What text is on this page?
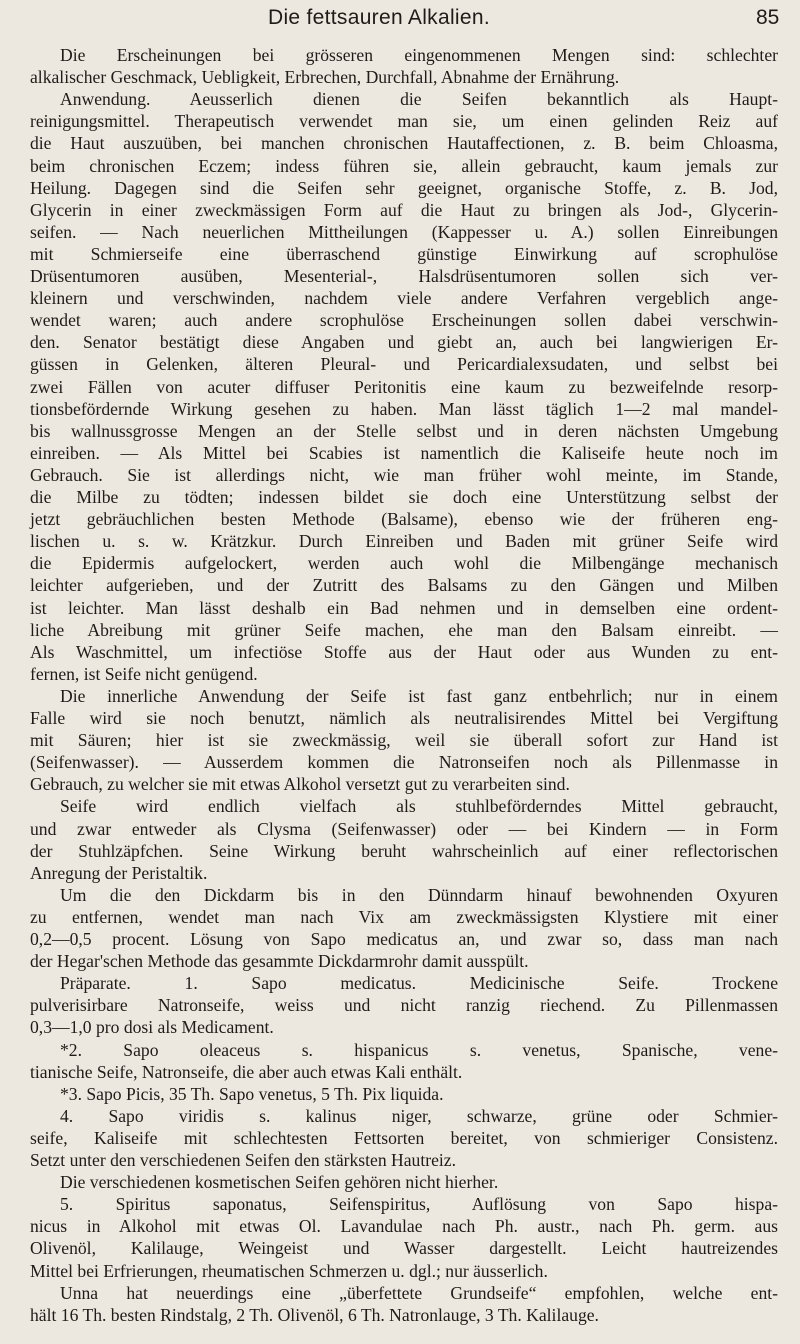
Die fettsauren Alkalien.	85
Die Erscheinungen bei grösseren eingenommenen Mengen sind: schlechter
alkalischer Geschmack, Uebligkeit, Erbrechen, Durchfall, Abnahme der Ernährung.
Anwendung. Aeusserlich dienen die Seifen bekanntlich als Haupt-
reinigungsmittel. Therapeutisch verwendet man sie, um einen gelinden Reiz auf
die Haut auszuüben, bei manchen chronischen Hautaffectionen, z. B. beim Chloasma,
beim chronischen Eczem; indess führen sie, allein gebraucht, kaum jemals zur
Heilung. Dagegen sind die Seifen sehr geeignet, organische Stoffe, z. B. Jod,
Glycerin in einer zweckmässigen Form auf die Haut zu bringen als Jod-, Glycerin-
seifen. — Nach neuerlichen Mittheilungen (Kappesser u. A.) sollen Einreibungen
mit Schmierseife eine überraschend günstige Einwirkung auf scrophulöse
Drüsentumoren ausüben, Mesenterial-, Halsdrüsentumoren sollen sich ver-
kleinern und verschwinden, nachdem viele andere Verfahren vergeblich ange-
wendet waren; auch andere scrophulöse Erscheinungen sollen dabei verschwin-
den. Senator bestätigt diese Angaben und giebt an, auch bei langwierigen Er-
güssen in Gelenken, älteren Pleural- und Pericardialexsudaten, und selbst bei
zwei Fällen von acuter diffuser Peritonitis eine kaum zu bezweifelnde resorp-
tionsbefördernde Wirkung gesehen zu haben. Man lässt täglich 1—2 mal mandel-
bis wallnussgrosse Mengen an der Stelle selbst und in deren nächsten Umgebung
einreiben. — Als Mittel bei Scabies ist namentlich die Kaliseife heute noch im
Gebrauch. Sie ist allerdings nicht, wie man früher wohl meinte, im Stande,
die Milbe zu tödten; indessen bildet sie doch eine Unterstützung selbst der
jetzt gebräuchlichen besten Methode (Balsame), ebenso wie der früheren eng-
lischen u. s. w. Krätzkur. Durch Einreiben und Baden mit grüner Seife wird
die Epidermis aufgelockert, werden auch wohl die Milbengänge mechanisch
leichter aufgerieben, und der Zutritt des Balsams zu den Gängen und Milben
ist leichter. Man lässt deshalb ein Bad nehmen und in demselben eine ordent-
liche Abreibung mit grüner Seife machen, ehe man den Balsam einreibt. —
Als Waschmittel, um infectiöse Stoffe aus der Haut oder aus Wunden zu ent-
fernen, ist Seife nicht genügend.
Die innerliche Anwendung der Seife ist fast ganz entbehrlich; nur in einem
Falle wird sie noch benutzt, nämlich als neutralisirendes Mittel bei Vergiftung
mit Säuren; hier ist sie zweckmässig, weil sie überall sofort zur Hand ist
(Seifenwasser). — Ausserdem kommen die Natronseifen noch als Pillenmasse in
Gebrauch, zu welcher sie mit etwas Alkohol versetzt gut zu verarbeiten sind.
Seife wird endlich vielfach als stuhlbeförderndes Mittel gebraucht,
und zwar entweder als Clysma (Seifenwasser) oder — bei Kindern — in Form
der Stuhlzäpfchen. Seine Wirkung beruht wahrscheinlich auf einer reflectorischen
Anregung der Peristaltik.
Um die den Dickdarm bis in den Dünndarm hinauf bewohnenden Oxyuren
zu entfernen, wendet man nach Vix am zweckmässigsten Klystiere mit einer
0,2—0,5 procent. Lösung von Sapo medicatus an, und zwar so, dass man nach
der Hegar'schen Methode das gesammte Dickdarmrohr damit ausspült.
Präparate. 1. Sapo medicatus. Medicinische Seife. Trockene
pulverisirbare Natronseife, weiss und nicht ranzig riechend. Zu Pillenmassen
0,3—1,0 pro dosi als Medicament.
*2. Sapo oleaceus s. hispanicus s. venetus, Spanische, vene-
tianische Seife, Natronseife, die aber auch etwas Kali enthält.
*3. Sapo Picis, 35 Th. Sapo venetus, 5 Th. Pix liquida.
4. Sapo viridis s. kalinus niger, schwarze, grüne oder Schmier-
seife, Kaliseife mit schlechtesten Fettsorten bereitet, von schmieriger Consistenz.
Setzt unter den verschiedenen Seifen den stärksten Hautreiz.
Die verschiedenen kosmetischen Seifen gehören nicht hierher.
5. Spiritus saponatus, Seifenspiritus, Auflösung von Sapo hispa-
nicus in Alkohol mit etwas Ol. Lavandulae nach Ph. austr., nach Ph. germ. aus
Olivenöl, Kalilauge, Weingeist und Wasser dargestellt. Leicht hautreizendes
Mittel bei Erfrierungen, rheumatischen Schmerzen u. dgl.; nur äusserlich.
Unna hat neuerdings eine „überfettete Grundseife“ empfohlen, welche ent-
hält 16 Th. besten Rindstalg, 2 Th. Olivenöl, 6 Th. Natronlauge, 3 Th. Kalilauge.
